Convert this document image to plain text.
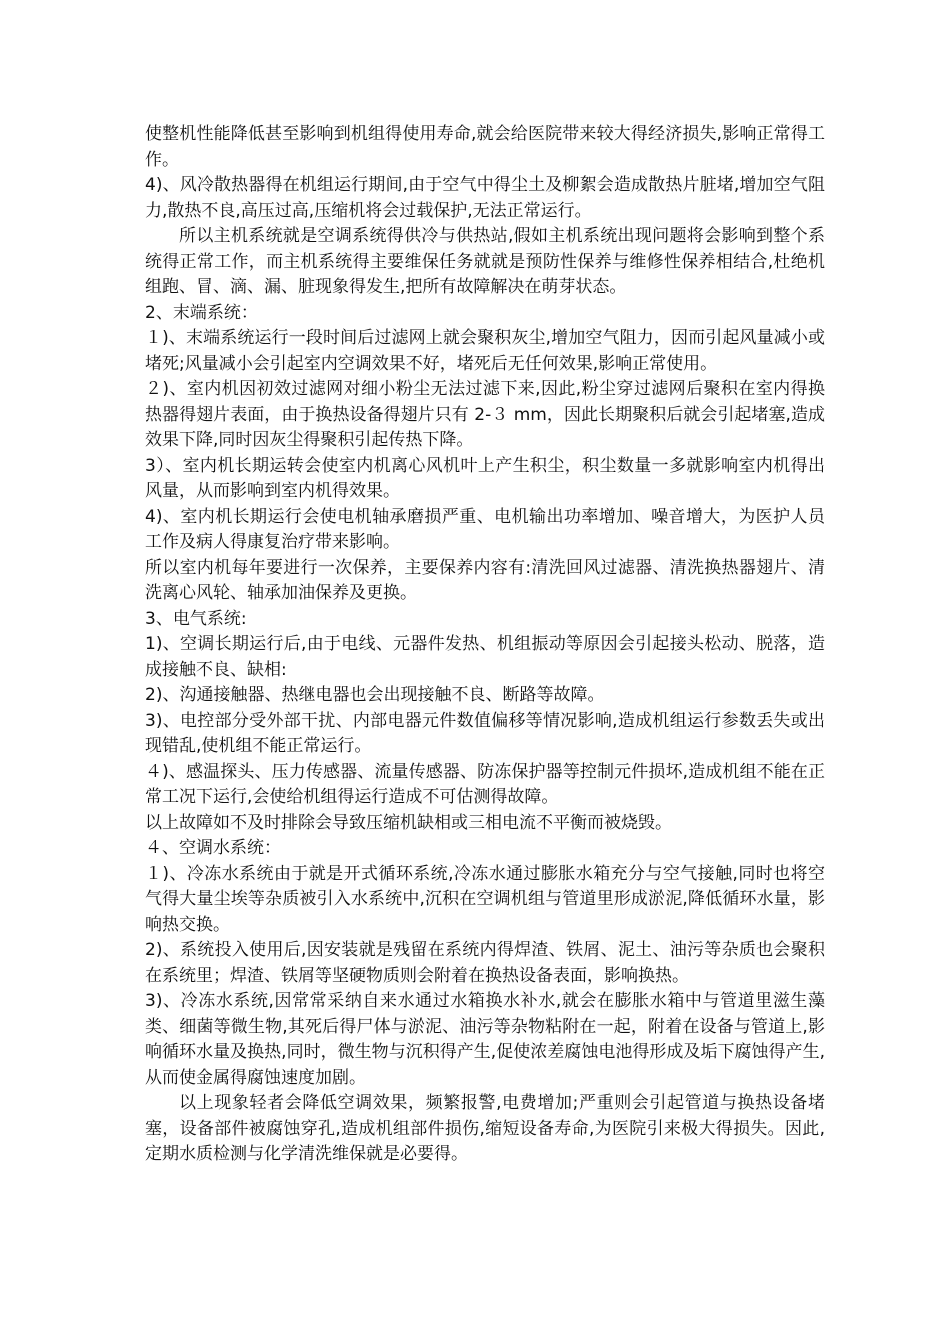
使整机性能降低甚至影响到机组得使用寿命,就会给医院带来较大得经济损失,影响正常得工作。

4)、风冷散热器得在机组运行期间,由于空气中得尘土及柳絮会造成散热片脏堵,增加空气阻力,散热不良,高压过高,压缩机将会过载保护,无法正常运行。

所以主机系统就是空调系统得供冷与供热站,假如主机系统出现问题将会影响到整个系统得正常工作，而主机系统得主要维保任务就就是预防性保养与维修性保养相结合,杜绝机组跑、冒、滴、漏、脏现象得发生,把所有故障解决在萌芽状态。

2、末端系统：

１)、末端系统运行一段时间后过滤网上就会聚积灰尘,增加空气阻力，因而引起风量减小或堵死;风量减小会引起室内空调效果不好，堵死后无任何效果,影响正常使用。

２)、室内机因初效过滤网对细小粉尘无法过滤下来,因此,粉尘穿过滤网后聚积在室内得换热器得翅片表面，由于换热设备得翅片只有 2-３ mm，因此长期聚积后就会引起堵塞,造成效果下降,同时因灰尘得聚积引起传热下降。

3）、室内机长期运转会使室内机离心风机叶上产生积尘，积尘数量一多就影响室内机得出风量，从而影响到室内机得效果。

4)、室内机长期运行会使电机轴承磨损严重、电机输出功率增加、噪音增大，为医护人员工作及病人得康复治疗带来影响。

所以室内机每年要进行一次保养，主要保养内容有:清洗回风过滤器、清洗换热器翅片、清洗离心风轮、轴承加油保养及更换。

3、电气系统:

1)、空调长期运行后,由于电线、元器件发热、机组振动等原因会引起接头松动、脱落，造成接触不良、缺相:

2)、沟通接触器、热继电器也会出现接触不良、断路等故障。

3)、电控部分受外部干扰、内部电器元件数值偏移等情况影响,造成机组运行参数丢失或出现错乱,使机组不能正常运行。

４)、感温探头、压力传感器、流量传感器、防冻保护器等控制元件损坏,造成机组不能在正常工况下运行,会使给机组得运行造成不可估测得故障。

以上故障如不及时排除会导致压缩机缺相或三相电流不平衡而被烧毁。

４、空调水系统：

１)、冷冻水系统由于就是开式循环系统,冷冻水通过膨胀水箱充分与空气接触,同时也将空气得大量尘埃等杂质被引入水系统中,沉积在空调机组与管道里形成淤泥,降低循环水量，影响热交换。

2)、系统投入使用后,因安装就是残留在系统内得焊渣、铁屑、泥土、油污等杂质也会聚积在系统里；焊渣、铁屑等坚硬物质则会附着在换热设备表面，影响换热。

3)、冷冻水系统,因常常采纳自来水通过水箱换水补水,就会在膨胀水箱中与管道里滋生藻类、细菌等微生物,其死后得尸体与淤泥、油污等杂物粘附在一起，附着在设备与管道上,影响循环水量及换热,同时，微生物与沉积得产生,促使浓差腐蚀电池得形成及垢下腐蚀得产生,从而使金属得腐蚀速度加剧。

以上现象轻者会降低空调效果，频繁报警,电费增加;严重则会引起管道与换热设备堵塞，设备部件被腐蚀穿孔,造成机组部件损伤,缩短设备寿命,为医院引来极大得损失。因此,定期水质检测与化学清洗维保就是必要得。
